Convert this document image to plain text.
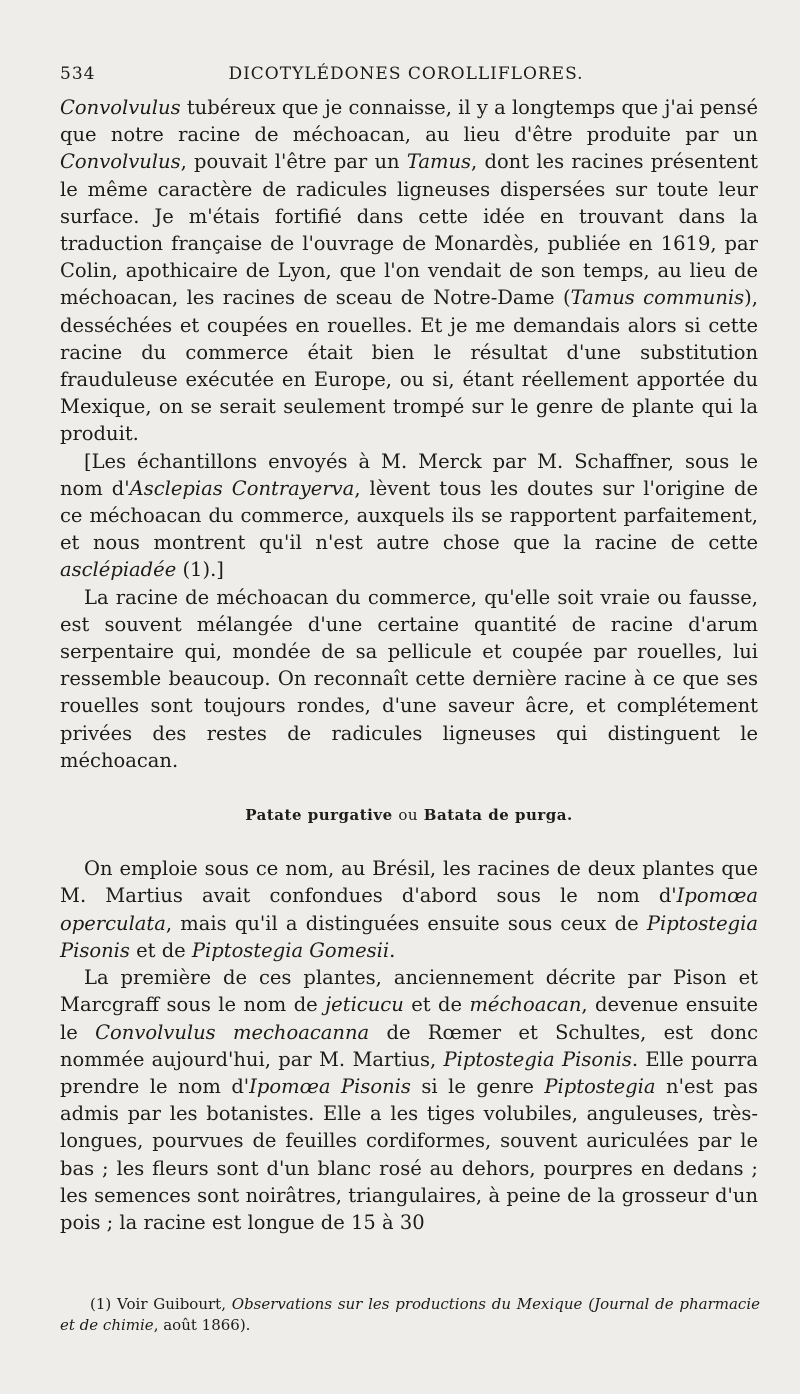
534	DICOTYLÉDONES COROLLIFLORES.

Convolvulus tubéreux que je connaisse, il y a longtemps que j'ai pensé que notre racine de méchoacan, au lieu d'être produite par un Convolvulus, pouvait l'être par un Tamus, dont les racines présentent le même caractère de radicules ligneuses dispersées sur toute leur surface. Je m'étais fortifié dans cette idée en trouvant dans la traduction française de l'ouvrage de Monardès, publiée en 1619, par Colin, apothicaire de Lyon, que l'on vendait de son temps, au lieu de méchoacan, les racines de sceau de Notre-Dame (Tamus communis), desséchées et coupées en rouelles. Et je me demandais alors si cette racine du commerce était bien le résultat d'une substitution frauduleuse exécutée en Europe, ou si, étant réellement apportée du Mexique, on se serait seulement trompé sur le genre de plante qui la produit.

[Les échantillons envoyés à M. Merck par M. Schaffner, sous le nom d'Asclepias Contrayerva, lèvent tous les doutes sur l'origine de ce méchoacan du commerce, auxquels ils se rapportent parfaitement, et nous montrent qu'il n'est autre chose que la racine de cette asclépiadée (1).]

La racine de méchoacan du commerce, qu'elle soit vraie ou fausse, est souvent mélangée d'une certaine quantité de racine d'arum serpentaire qui, mondée de sa pellicule et coupée par rouelles, lui ressemble beaucoup. On reconnaît cette dernière racine à ce que ses rouelles sont toujours rondes, d'une saveur âcre, et complétement privées des restes de radicules ligneuses qui distinguent le méchoacan.

Patate purgative ou Batata de purga.

On emploie sous ce nom, au Brésil, les racines de deux plantes que M. Martius avait confondues d'abord sous le nom d'Ipomœa operculata, mais qu'il a distinguées ensuite sous ceux de Piptostegia Pisonis et de Piptostegia Gomesii.

La première de ces plantes, anciennement décrite par Pison et Marcgraff sous le nom de jeticucu et de méchoacan, devenue ensuite le Convolvulus mechoacanna de Rœmer et Schultes, est donc nommée aujourd'hui, par M. Martius, Piptostegia Pisonis. Elle pourra prendre le nom d'Ipomœa Pisonis si le genre Piptostegia n'est pas admis par les botanistes. Elle a les tiges volubiles, anguleuses, très-longues, pourvues de feuilles cordiformes, souvent auriculées par le bas ; les fleurs sont d'un blanc rosé au dehors, pourpres en dedans ; les semences sont noirâtres, triangulaires, à peine de la grosseur d'un pois ; la racine est longue de 15 à 30

(1) Voir Guibourt, Observations sur les productions du Mexique (Journal de pharmacie et de chimie, août 1866).
